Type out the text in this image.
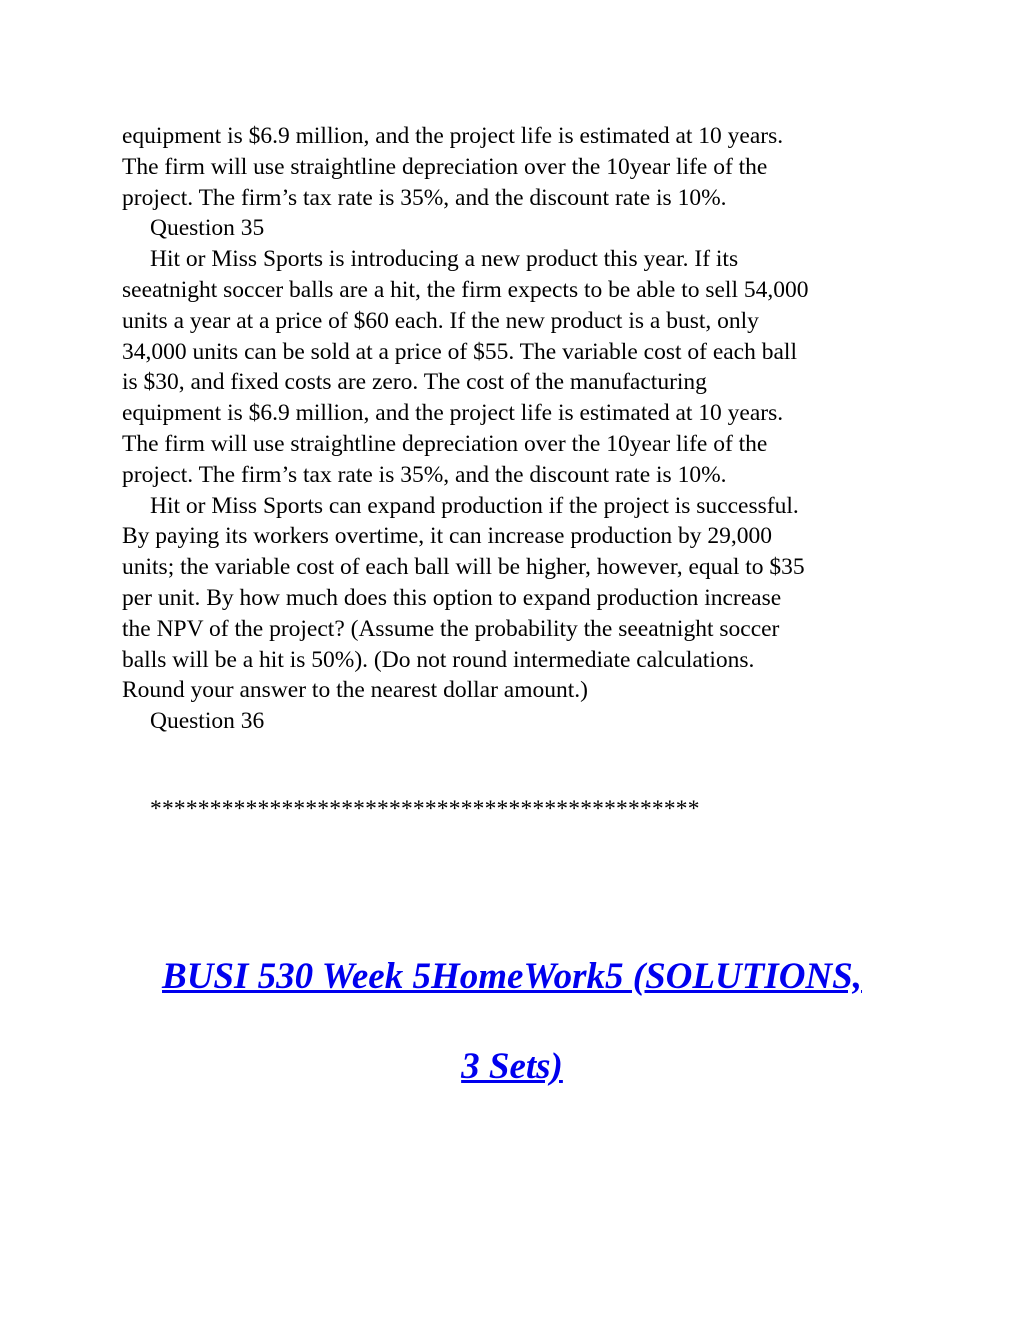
equipment is $6.9 million, and the project life is estimated at 10 years.
The firm will use straightline depreciation over the 10year life of the
project. The firm’s tax rate is 35%, and the discount rate is 10%.
Question 35
Hit or Miss Sports is introducing a new product this year. If its
seeatnight soccer balls are a hit, the firm expects to be able to sell 54,000
units a year at a price of $60 each. If the new product is a bust, only
34,000 units can be sold at a price of $55. The variable cost of each ball
is $30, and fixed costs are zero. The cost of the manufacturing
equipment is $6.9 million, and the project life is estimated at 10 years.
The firm will use straightline depreciation over the 10year life of the
project. The firm’s tax rate is 35%, and the discount rate is 10%.
Hit or Miss Sports can expand production if the project is successful.
By paying its workers overtime, it can increase production by 29,000
units; the variable cost of each ball will be higher, however, equal to $35
per unit. By how much does this option to expand production increase
the NPV of the project? (Assume the probability the seeatnight soccer
balls will be a hit is 50%). (Do not round intermediate calculations.
Round your answer to the nearest dollar amount.)
Question 36
**********************************************
BUSI 530 Week 5HomeWork5 (SOLUTIONS,
3 Sets)
